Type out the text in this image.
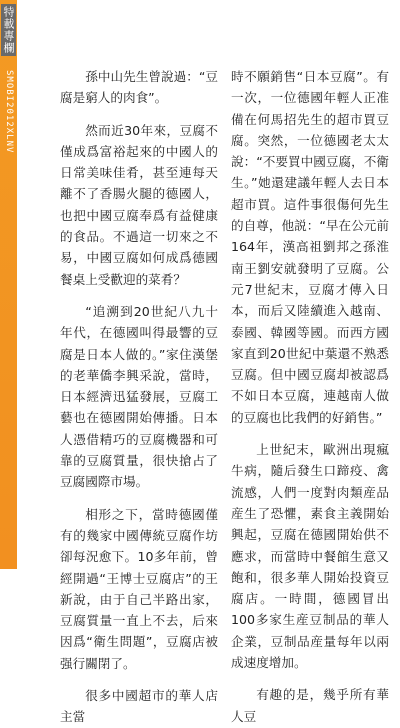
特載專欄
SMOBI2012XLNV	孫中山先生曾說過：“豆腐是窮人的肉食”。

然而近30年來，豆腐不僅成爲富裕起來的中國人的日常美味佳肴，甚至連每天離不了香腸火腿的德國人，也把中國豆腐奉爲有益健康的食品。不過這一切來之不易，中國豆腐如何成爲德國餐桌上受歡迎的菜肴？

“追溯到20世紀八九十年代，在德國叫得最響的豆腐是日本人做的。”家住漢堡的老華僑李興采說，當時，日本經濟迅猛發展，豆腐工藝也在德國開始傳播。日本人憑借精巧的豆腐機器和可靠的豆腐質量，很快搶占了豆腐國際市場。

相形之下，當時德國僅有的幾家中國傳統豆腐作坊卻每況愈下。10多年前，曾經開過“王博士豆腐店”的王新說，由于自己半路出家，豆腐質量一直上不去，后來因爲“衛生問題”，豆腐店被强行關閉了。

很多中國超市的華人店主當

時不願銷售“日本豆腐”。有一次，一位德國年輕人正准備在何馬招先生的超市買豆腐。突然，一位德國老太太說：“不要買中國豆腐，不衛生。”她還建議年輕人去日本超市買。這件事很傷何先生的自尊，他説：“早在公元前164年，漢高祖劉邦之孫淮南王劉安就發明了豆腐。公元7世紀末，豆腐才傳入日本，而后又陸續進入越南、泰國、韓國等國。而西方國家直到20世紀中葉還不熟悉豆腐。但中國豆腐却被認爲不如日本豆腐，連越南人做的豆腐也比我們的好銷售。”

上世紀末，歐洲出現瘋牛病，隨后發生口蹄疫、禽流感，人們一度對肉類産品産生了恐懼，素食主義開始興起，豆腐在德國開始供不應求，而當時中餐館生意又飽和，很多華人開始投資豆腐店。一時間，德國冒出100多家生産豆制品的華人企業，豆制品産量每年以兩成速度增加。

有趣的是，幾乎所有華人豆
